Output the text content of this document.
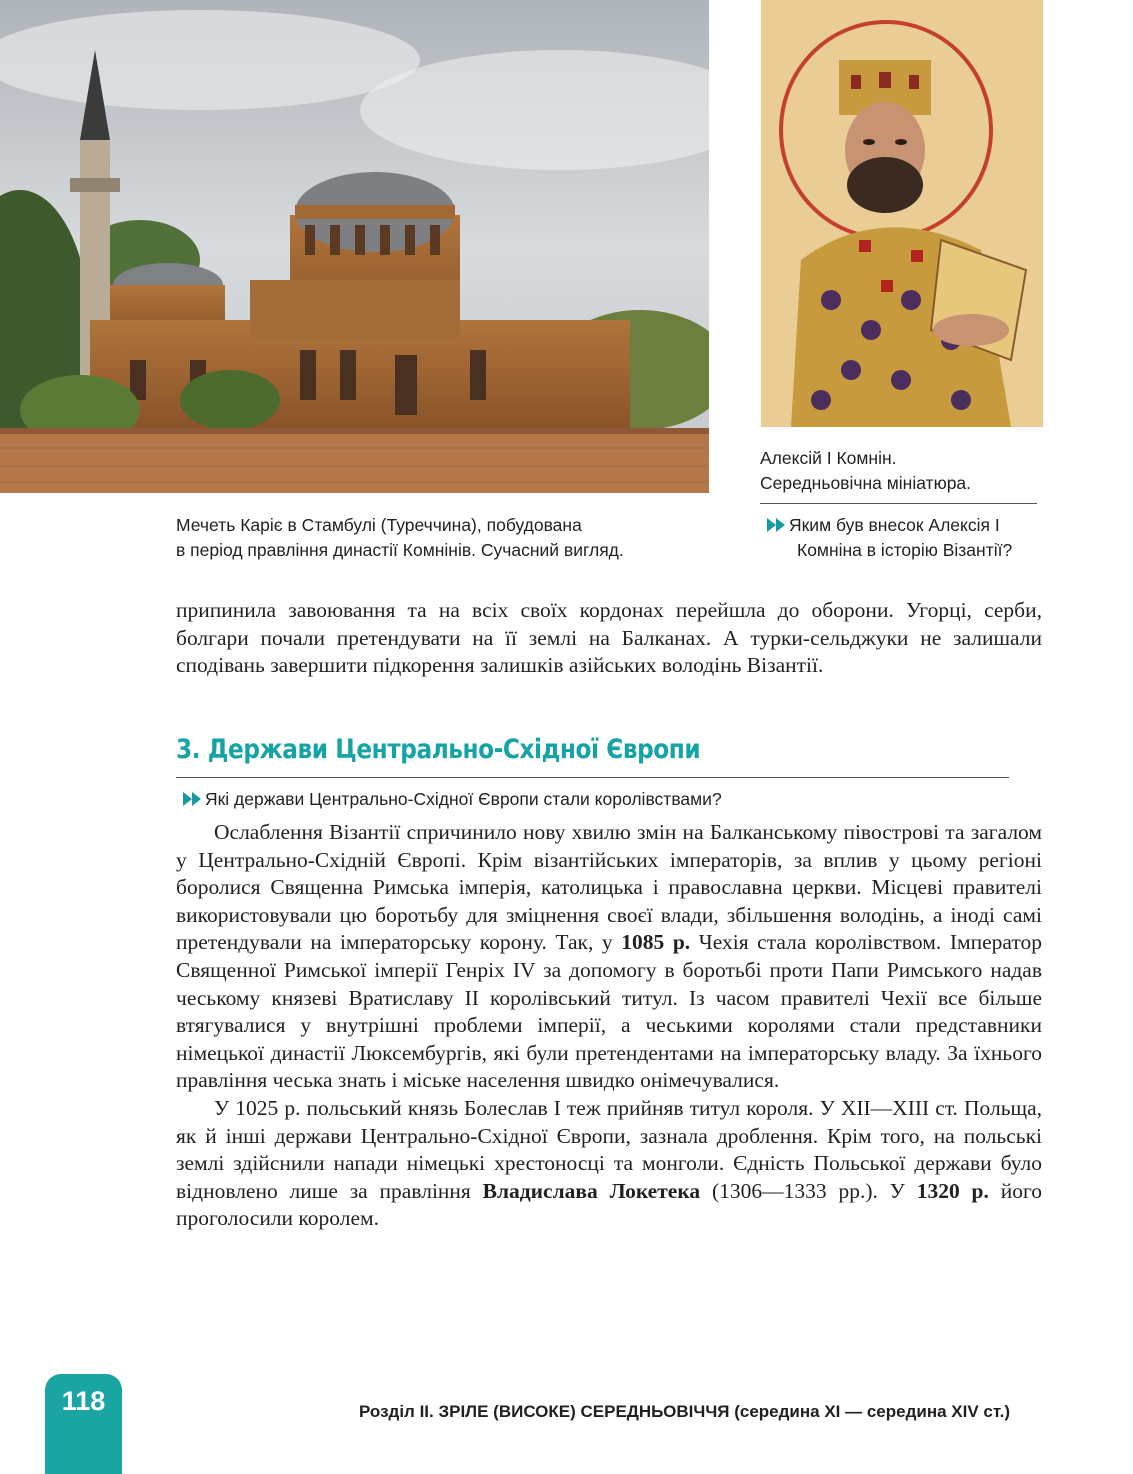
Алексій І Комнін.
Середньовічна мініатюра.
Мечеть Каріє в Стамбулі (Туреччина), побудована
в період правління династії Комнінів. Сучасний вигляд.
Яким був внесок Алексія І
Комніна в історію Візантії?

припинила завоювання та на всіх своїх кордонах перейшла до оборони. Угорці, серби, болгари почали претендувати на її землі на Балканах. А турки-сельджуки не залишали сподівань завершити підкорення залишків азійських володінь Візантії.

3. Держави Центрально-Східної Європи
Які держави Центрально-Східної Європи стали королівствами?

Ослаблення Візантії спричинило нову хвилю змін на Балканському півострові та загалом у Центрально-Східній Європі. Крім візантійських імператорів, за вплив у цьому регіоні боролися Священна Римська імперія, католицька і православна церкви. Місцеві правителі використовували цю боротьбу для зміцнення своєї влади, збільшення володінь, а іноді самі претендували на імператорську корону. Так, у 1085 р. Чехія стала королівством. Імператор Священної Римської імперії Генріх IV за допомогу в боротьбі проти Папи Римського надав чеському князеві Вратиславу II королівський титул. Із часом правителі Чехії все більше втягувалися у внутрішні проблеми імперії, а чеськими королями стали представники німецької династії Люксембургів, які були претендентами на імператорську владу. За їхнього правління чеська знать і міське населення швидко онімечувалися.

У 1025 р. польський князь Болеслав I теж прийняв титул короля. У XII—XIII ст. Польща, як й інші держави Центрально-Східної Європи, зазнала дроблення. Крім того, на польські землі здійснили напади німецькі хрестоносці та монголи. Єдність Польської держави було відновлено лише за правління Владислава Локетека (1306—1333 рр.). У 1320 р. його проголосили королем.

118	Розділ ІІ. ЗРІЛЕ (ВИСОКЕ) СЕРЕДНЬОВІЧЧЯ (середина XI — середина XIV ст.)
